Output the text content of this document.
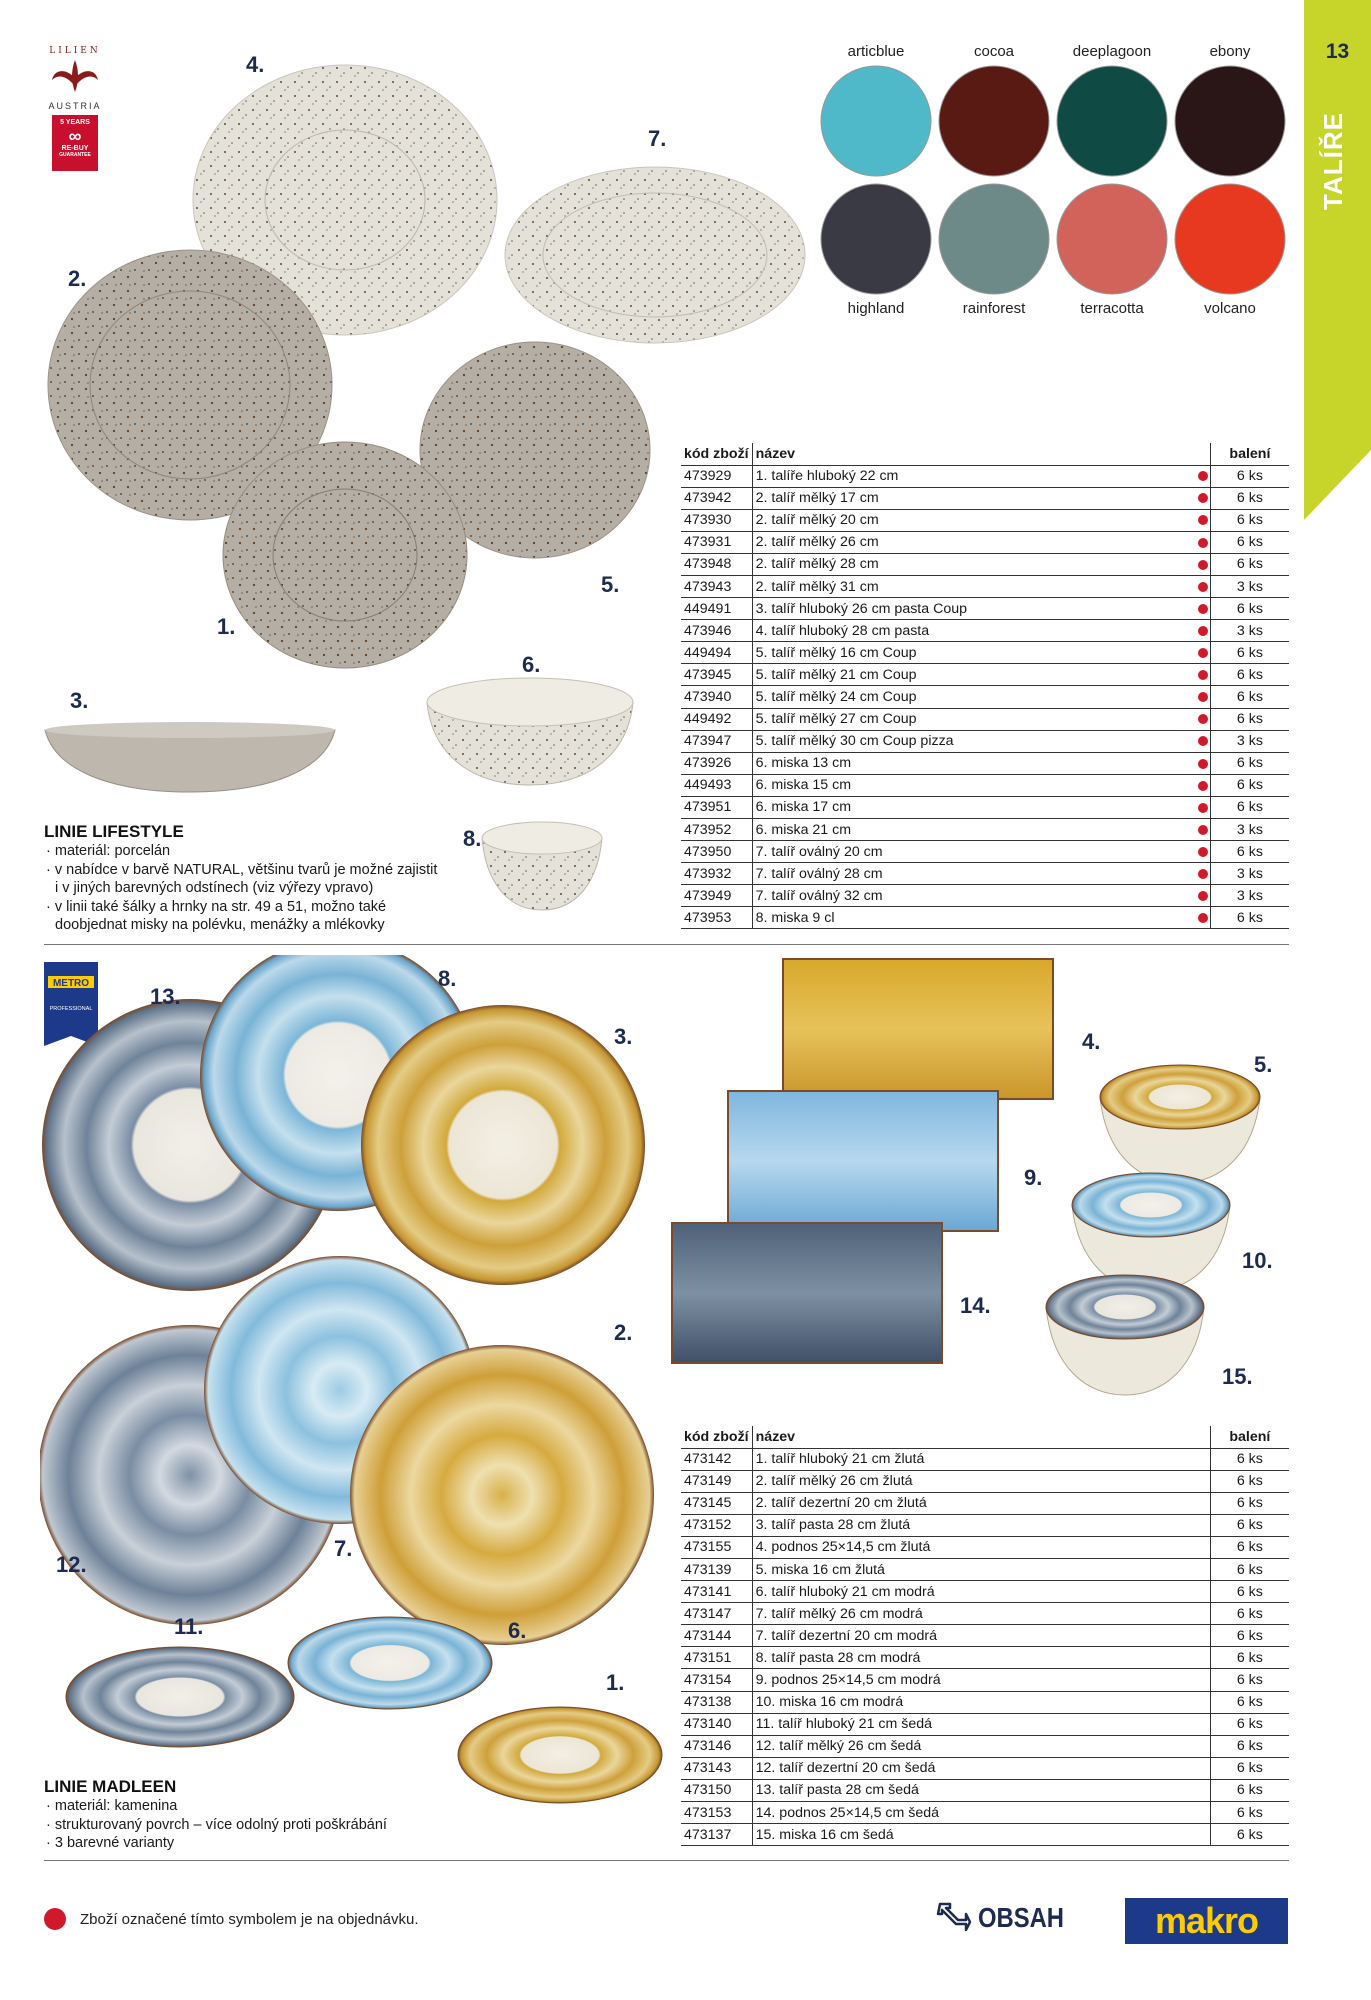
13
TALÍŘE
LILIEN
AUSTRIA
5 YEARS
∞
RE-BUY
GUARANTEE
1.
2.
3.
4.
5.
6.
7.
8.
articblue	cocoa	deeplagoon	ebony
highland	rainforest	terracotta	volcano
LINIE LIFESTYLE
· materiál: porcelán
· v nabídce v barvě NATURAL, většinu tvarů je možné zajistit i v jiných barevných odstínech (viz výřezy vpravo)
· v linii také šálky a hrnky na str. 49 a 51, možno také doobjednat misky na polévku, menážky a mlékovky
kód zboží	název		balení
473929	1. talíře hluboký 22 cm		6 ks
473942	2. talíř mělký 17 cm		6 ks
473930	2. talíř mělký 20 cm		6 ks
473931	2. talíř mělký 26 cm		6 ks
473948	2. talíř mělký 28 cm		6 ks
473943	2. talíř mělký 31 cm		3 ks
449491	3. talíř hluboký 26 cm pasta Coup		6 ks
473946	4. talíř hluboký 28 cm pasta		3 ks
449494	5. talíř mělký 16 cm Coup		6 ks
473945	5. talíř mělký 21 cm Coup		6 ks
473940	5. talíř mělký 24 cm Coup		6 ks
449492	5. talíř mělký 27 cm Coup		6 ks
473947	5. talíř mělký 30 cm Coup pizza		3 ks
473926	6. miska 13 cm		6 ks
449493	6. miska 15 cm		6 ks
473951	6. miska 17 cm		6 ks
473952	6. miska 21 cm		3 ks
473950	7. talíř oválný 20 cm		6 ks
473932	7. talíř oválný 28 cm		3 ks
473949	7. talíř oválný 32 cm		3 ks
473953	8. miska 9 cl		6 ks
METRO
PROFESSIONAL
1.
2.
3.	4.
5.
6.
7.
8.
9.
10.
11.
12.
13.
14.
15.
LINIE MADLEEN
· materiál: kamenina
· strukturovaný povrch – více odolný proti poškrábání
· 3 barevné varianty
kód zboží	název		balení
473142	1. talíř hluboký 21 cm žlutá		6 ks
473149	2. talíř mělký 26 cm žlutá		6 ks
473145	2. talíř dezertní 20 cm žlutá		6 ks
473152	3. talíř pasta 28 cm žlutá		6 ks
473155	4. podnos 25×14,5 cm žlutá		6 ks
473139	5. miska 16 cm žlutá		6 ks
473141	6. talíř hluboký 21 cm modrá		6 ks
473147	7. talíř mělký 26 cm modrá		6 ks
473144	7. talíř dezertní 20 cm modrá		6 ks
473151	8. talíř pasta 28 cm modrá		6 ks
473154	9. podnos 25×14,5 cm modrá		6 ks
473138	10. miska 16 cm modrá		6 ks
473140	11. talíř hluboký 21 cm šedá		6 ks
473146	12. talíř mělký 26 cm šedá		6 ks
473143	12. talíř dezertní 20 cm šedá		6 ks
473150	13. talíř pasta 28 cm šedá		6 ks
473153	14. podnos 25×14,5 cm šedá		6 ks
473137	15. miska 16 cm šedá		6 ks
Zboží označené tímto symbolem je na objednávku.	OBSAH	makro
